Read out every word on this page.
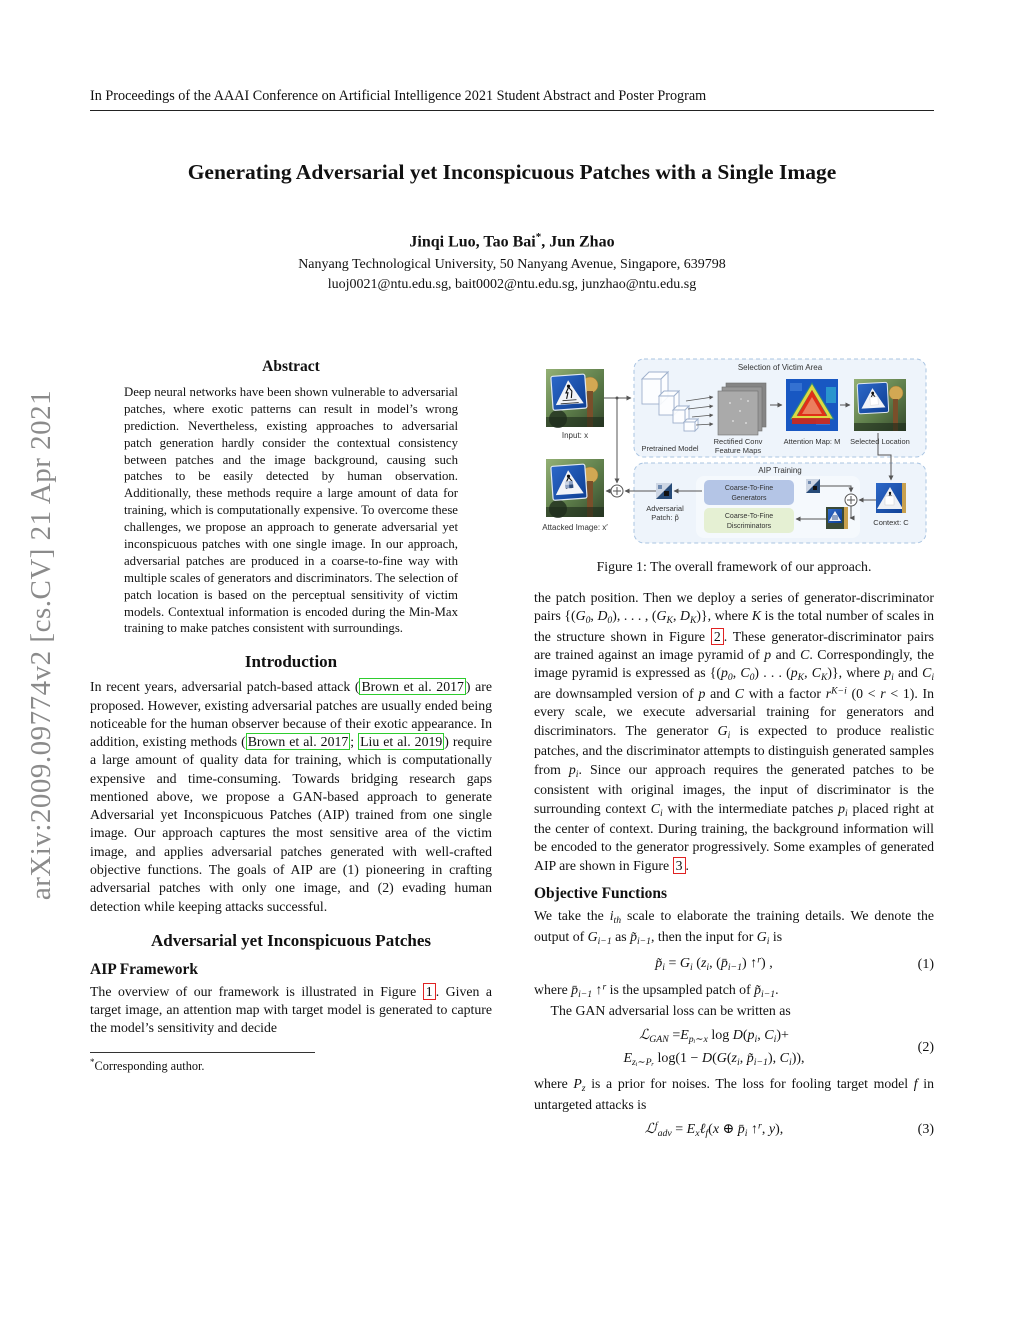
In Proceedings of the AAAI Conference on Artificial Intelligence 2021 Student Abstract and Poster Program
arXiv:2009.09774v2 [cs.CV] 21 Apr 2021
Generating Adversarial yet Inconspicuous Patches with a Single Image
Jinqi Luo, Tao Bai*, Jun Zhao
Nanyang Technological University, 50 Nanyang Avenue, Singapore, 639798
luoj0021@ntu.edu.sg, bait0002@ntu.edu.sg, junzhao@ntu.edu.sg
Abstract
Deep neural networks have been shown vulnerable to adversarial patches, where exotic patterns can result in model’s wrong prediction. Nevertheless, existing approaches to adversarial patch generation hardly consider the contextual consistency between patches and the image background, causing such patches to be easily detected by human observation. Additionally, these methods require a large amount of data for training, which is computationally expensive. To overcome these challenges, we propose an approach to generate adversarial yet inconspicuous patches with one single image. In our approach, adversarial patches are produced in a coarse-to-fine way with multiple scales of generators and discriminators. The selection of patch location is based on the perceptual sensitivity of victim models. Contextual information is encoded during the Min-Max training to make patches consistent with surroundings.
Introduction

In recent years, adversarial patch-based attack ( Brown et al. 2017 ) are proposed. However, existing adversarial patches are usually ended being noticeable for the human observer because of their exotic appearance. In addition, existing methods ( Brown et al. 2017 ; Liu et al. 2019 ) require a large amount of quality data for training, which is computationally expensive and time-consuming. Towards bridging research gaps mentioned above, we propose a GAN-based approach to generate Adversarial yet Inconspicuous Patches (AIP) trained from one single image. Our approach captures the most sensitive area of the victim image, and applies adversarial patches generated with well-crafted objective functions. The goals of AIP are (1) pioneering in crafting adversarial patches with only one image, and (2) evading human detection while keeping attacks successful.

Adversarial yet Inconspicuous Patches
AIP Framework

The overview of our framework is illustrated in Figure 1 . Given a target image, an attention map with target model is generated to capture the model’s sensitivity and decide

*Corresponding author.
Selection of Victim Area
Rectified Conv
Feature Maps
Pretrained Model
Attention Map: M Selected Location
Input: x
Attacked Image: x′
AIP Training
Coarse-To-Fine
Generators
Coarse-To-Fine
Discriminators	Context: C
Adversarial
Patch: p̃
Figure 1: The overall framework of our approach.

the patch position. Then we deploy a series of generator-discriminator pairs {($G_0$, $D_0$), . . . , ($G_K$, $D_K$)}, where K is the total number of scales in the structure shown in Figure 2 . These generator-discriminator pairs are trained against an image pyramid of p and C. Correspondingly, the image pyramid is expressed as {($p_0$, $C_0$) . . . ($p_K$, $C_K$)}, where $p_i$ and $C_i$ are downsampled version of p and C with a factor $r^{K-i}$ (0 < r < 1). In every scale, we execute adversarial training for generators and discriminators. The generator $G_i$ is expected to produce realistic patches, and the discriminator attempts to distinguish generated samples from $p_i$. Since our approach requires the generated patches to be consistent with original images, the input of discriminator is the surrounding context $C_i$ with the intermediate patches $p_i$ placed right at the center of context. During training, the background information will be encoded to the generator progressively. Some examples of generated AIP are shown in Figure 3 .

Objective Functions

We take the $i_{th}$ scale to elaborate the training details. We denote the output of $G_{i-1}$ as $p̃_{i-1}$, then the input for $G_i$ is

$p̃_i = G_i$ ($z_i$, $(p̄_{i-1})$ ↑$^r$) ,	(1)

where $p̄_{i-1}$ ↑$^r$ is the upsampled patch of $p̃_{i-1}$.

The GAN adversarial loss can be written as

ℒ$_{GAN}$ $=E_{pᵢ\sim x}$ $\log D(p_i$, $C_i)+$
$E_{zᵢ\sim Pᵣ}$ $\log(1 - D(G(z_i$, $p̃_{i-1}$), $C_i$)),
(2)

where $P_z$ is a prior for noises. The loss for fooling target model f in untargeted attacks is

ℒ$^f_{adv}$ = $E_x\ell_f(x$ ⊕ $p̄_i$ ↑$^r$, y),	(3)
